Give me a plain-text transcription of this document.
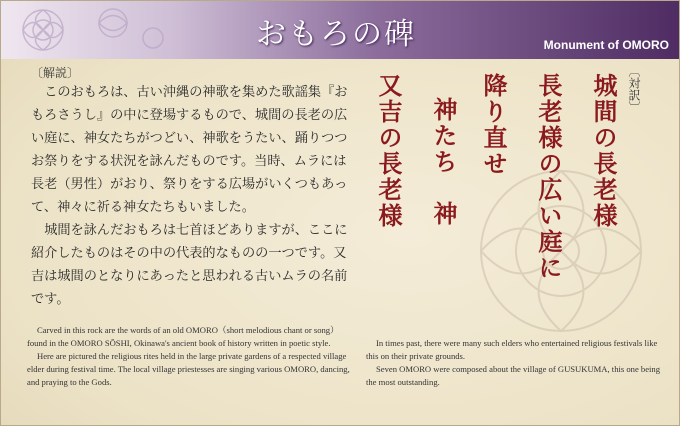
おもろの碑	Monument of OMORO
〔解説〕

このおもろは、古い沖縄の神歌を集めた歌謡集『おもろさうし』の中に登場するもので、城間の長老の広い庭に、神女たちがつどい、神歌をうたい、踊りつつお祭りをする状況を詠んだものです。当時、ムラには長老（男性）がおり、祭りをする広場がいくつもあって、神々に祈る神女たちもいました。

城間を詠んだおもろは七首ほどありますが、ここに紹介したものはその中の代表的なものの一つです。又吉は城間のとなりにあったと思われる古いムラの名前です。

〔対訳〕
城間の長老様
長老様の広い庭に
降り直せ
神たち　神
又吉の長老様

Carved in this rock are the words of an old OMORO（short melodious chant or song）found in the OMORO SŌSHI, Okinawa's ancient book of history written in poetic style.

Here are pictured the religious rites held in the large private gardens of a respected village elder during festival time. The local village priestesses are singing various OMORO, dancing, and praying to the Gods.

In times past, there were many such elders who entertained religious festivals like this on their private grounds.

Seven OMORO were composed about the village of GUSUKUMA, this one being the most outstanding.
